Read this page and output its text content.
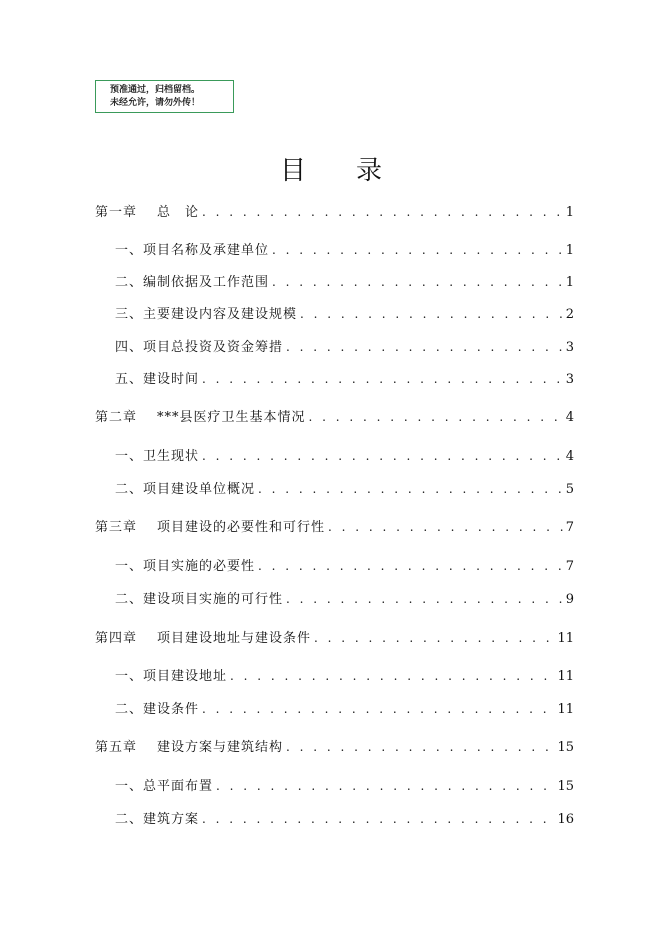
预准通过，归档留档。
未经允许，请勿外传！
目录
第一章 总　论 . . .	1
一、项目名称及承建单位 . . .	1
二、编制依据及工作范围 . . .	1
三、主要建设内容及建设规模 . . .	2
四、项目总投资及资金筹措 . . .	3
五、建设时间 . . .	3
第二章 ***县医疗卫生基本情况 . . .	4
一、卫生现状 . . .	4
二、项目建设单位概况 . . .	5
第三章 项目建设的必要性和可行性 . . .	7
一、项目实施的必要性 . . .	7
二、建设项目实施的可行性 . . .	9
第四章 项目建设地址与建设条件 . . .	11
一、项目建设地址 . . .	11
二、建设条件 . . .	11
第五章 建设方案与建筑结构 . . .	15
一、总平面布置 . . .	15
二、建筑方案 . . .	16
